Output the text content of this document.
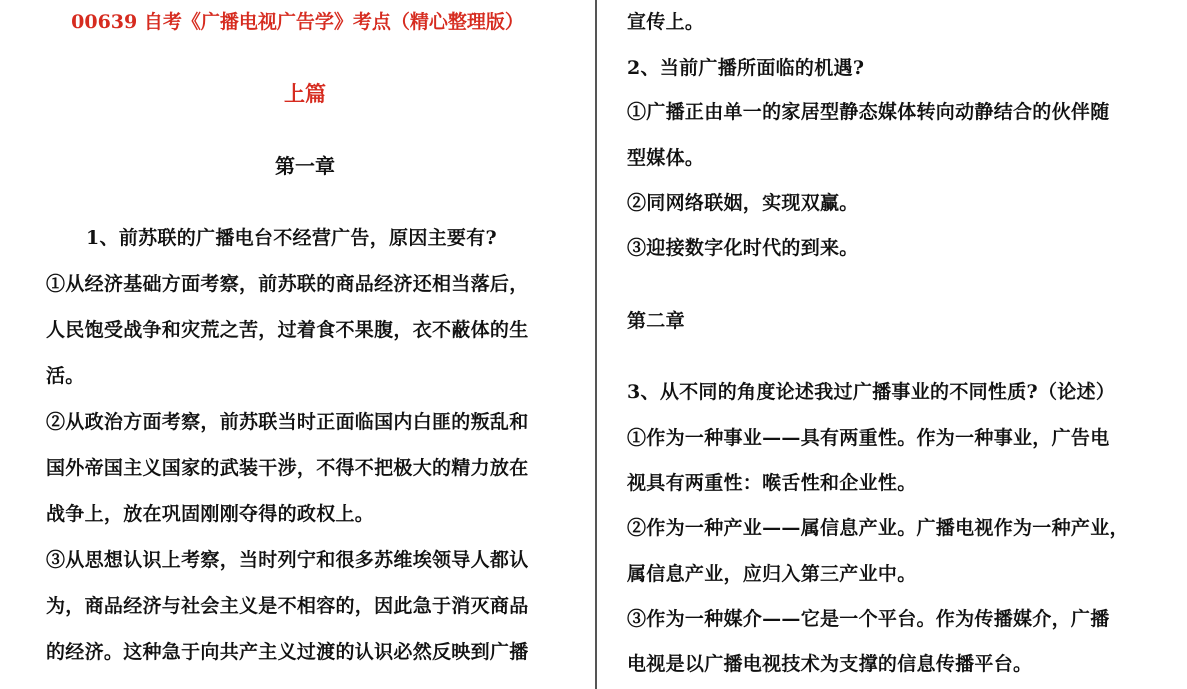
00639 自考《广播电视广告学》考点（精心整理版）
上篇
第一章
1、前苏联的广播电台不经营广告，原因主要有?
①从经济基础方面考察，前苏联的商品经济还相当落后，
人民饱受战争和灾荒之苦，过着食不果腹，衣不蔽体的生
活。
②从政治方面考察，前苏联当时正面临国内白匪的叛乱和
国外帝国主义国家的武装干涉，不得不把极大的精力放在
战争上，放在巩固刚刚夺得的政权上。
③从思想认识上考察，当时列宁和很多苏维埃领导人都认
为，商品经济与社会主义是不相容的，因此急于消灭商品
的经济。这种急于向共产主义过渡的认识必然反映到广播
宣传上。
2、当前广播所面临的机遇?
①广播正由单一的家居型静态媒体转向动静结合的伙伴随
型媒体。
②同网络联姻，实现双赢。
③迎接数字化时代的到来。
第二章
3、从不同的角度论述我过广播事业的不同性质?（论述）
①作为一种事业——具有两重性。作为一种事业，广告电
视具有两重性：喉舌性和企业性。
②作为一种产业——属信息产业。广播电视作为一种产业，
属信息产业，应归入第三产业中。
③作为一种媒介——它是一个平台。作为传播媒介，广播
电视是以广播电视技术为支撑的信息传播平台。
